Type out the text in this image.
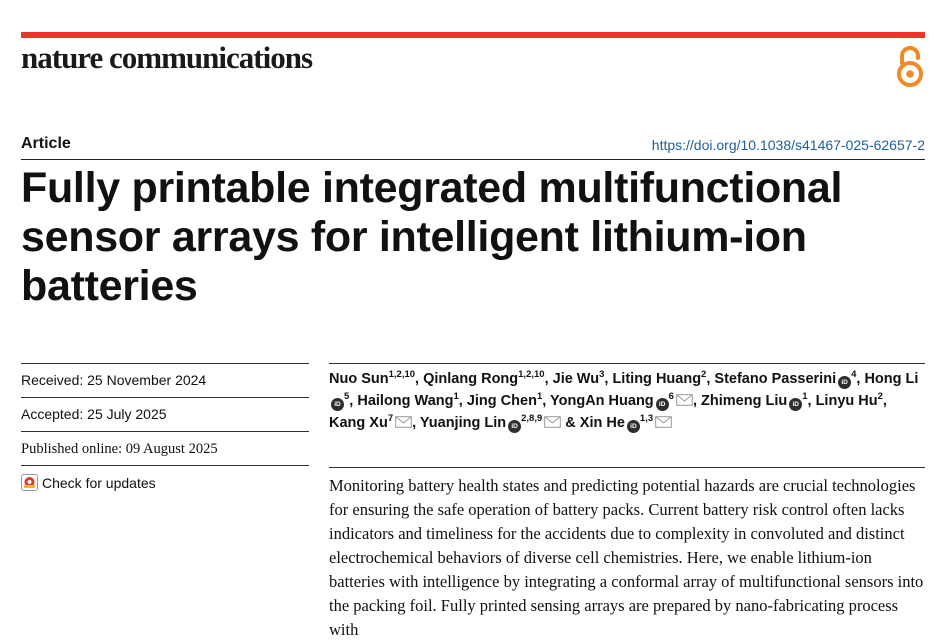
nature communications
Article	https://doi.org/10.1038/s41467-025-62657-2
Fully printable integrated multifunctional sensor arrays for intelligent lithium-ion batteries
Received: 25 November 2024
Accepted: 25 July 2025
Published online: 09 August 2025
Check for updates

Nuo Sun$^{1,2,10}$, Qinlang Rong$^{1,2,10}$, Jie Wu$^3$, Liting Huang$^2$, Stefano Passerini $iD^4$, Hong LiiD$^5$, Hailong Wang$^1$, Jing Chen$^1$, YongAn Huang $iD^6$ , Zhimeng Liu $iD^1$, Linyu Hu$^2$, Kang Xu$^7$ , Yuanjing Lin iD$^{2,8,9}$ & Xin He iD$^{1,3}$

Monitoring battery health states and predicting potential hazards are crucial technologies for ensuring the safe operation of battery packs. Current battery risk control often lacks indicators and timeliness for the accidents due to complexity in convoluted and distinct electrochemical behaviors of diverse cell chemistries. Here, we enable lithium-ion batteries with intelligence by integrating a conformal array of multifunctional sensors into the packing foil. Fully printed sensing arrays are prepared by nano-fabricating process with
